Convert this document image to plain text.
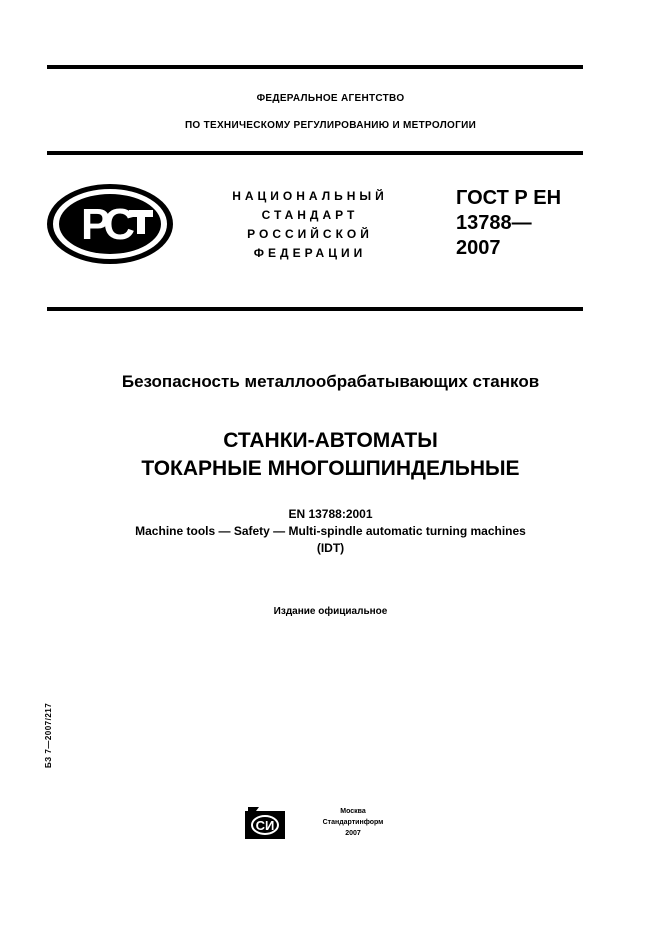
ФЕДЕРАЛЬНОЕ АГЕНТСТВО
ПО ТЕХНИЧЕСКОМУ РЕГУЛИРОВАНИЮ И МЕТРОЛОГИИ
РС
НАЦИОНАЛЬНЫЙ
СТАНДАРТ
РОССИЙСКОЙ
ФЕДЕРАЦИИ
ГОСТ Р ЕН
13788—
2007
Безопасность металлообрабатывающих станков
СТАНКИ-АВТОМАТЫ
ТОКАРНЫЕ МНОГОШПИНДЕЛЬНЫЕ
EN 13788:2001
Machine tools — Safety — Multi-spindle automatic turning machines
(IDT)
Издание официальное
БЗ 7—2007/217
СИ
Москва
Стандартинформ
2007
